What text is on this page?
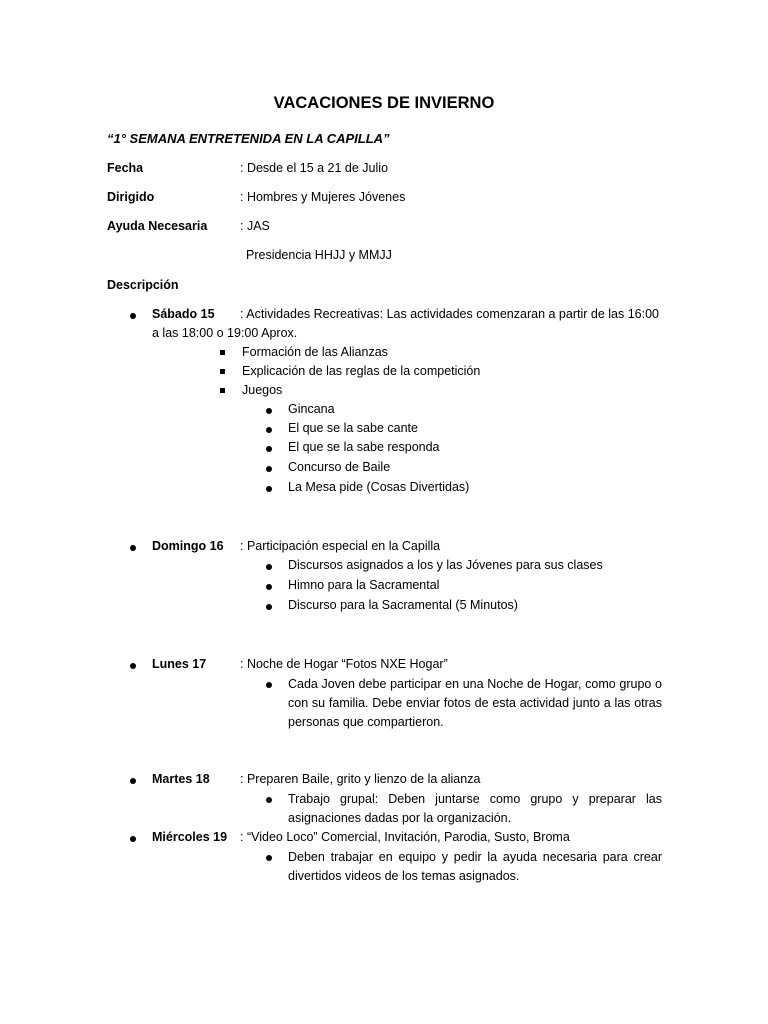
VACACIONES DE INVIERNO
“1° SEMANA ENTRETENIDA EN LA CAPILLA”
Fecha	: Desde el 15 a 21 de Julio
Dirigido	: Hombres y Mujeres Jóvenes
Ayuda Necesaria	: JAS
Presidencia HHJJ y MMJJ
Descripción
Sábado 15 : Actividades Recreativas: Las actividades comenzaran a partir de las 16:00
a las 18:00 o 19:00 Aprox.
Formación de las Alianzas
Explicación de las reglas de la competición
Juegos
Gincana
El que se la sabe cante
El que se la sabe responda
Concurso de Baile
La Mesa pide (Cosas Divertidas)
Domingo 16 : Participación especial en la Capilla
Discursos asignados a los y las Jóvenes para sus clases
Himno para la Sacramental
Discurso para la Sacramental (5 Minutos)
Lunes 17	: Noche de Hogar “Fotos NXE Hogar”
Cada Joven debe participar en una Noche de Hogar, como grupo o con su familia. Debe enviar fotos de esta actividad junto a las otras personas que compartieron.
Martes 18 : Preparen Baile, grito y lienzo de la alianza
Trabajo grupal: Deben juntarse como grupo y preparar las asignaciones dadas por la organización.
Miércoles 19 : “Video Loco” Comercial, Invitación, Parodia, Susto, Broma
Deben trabajar en equipo y pedir la ayuda necesaria para crear divertidos videos de los temas asignados.
